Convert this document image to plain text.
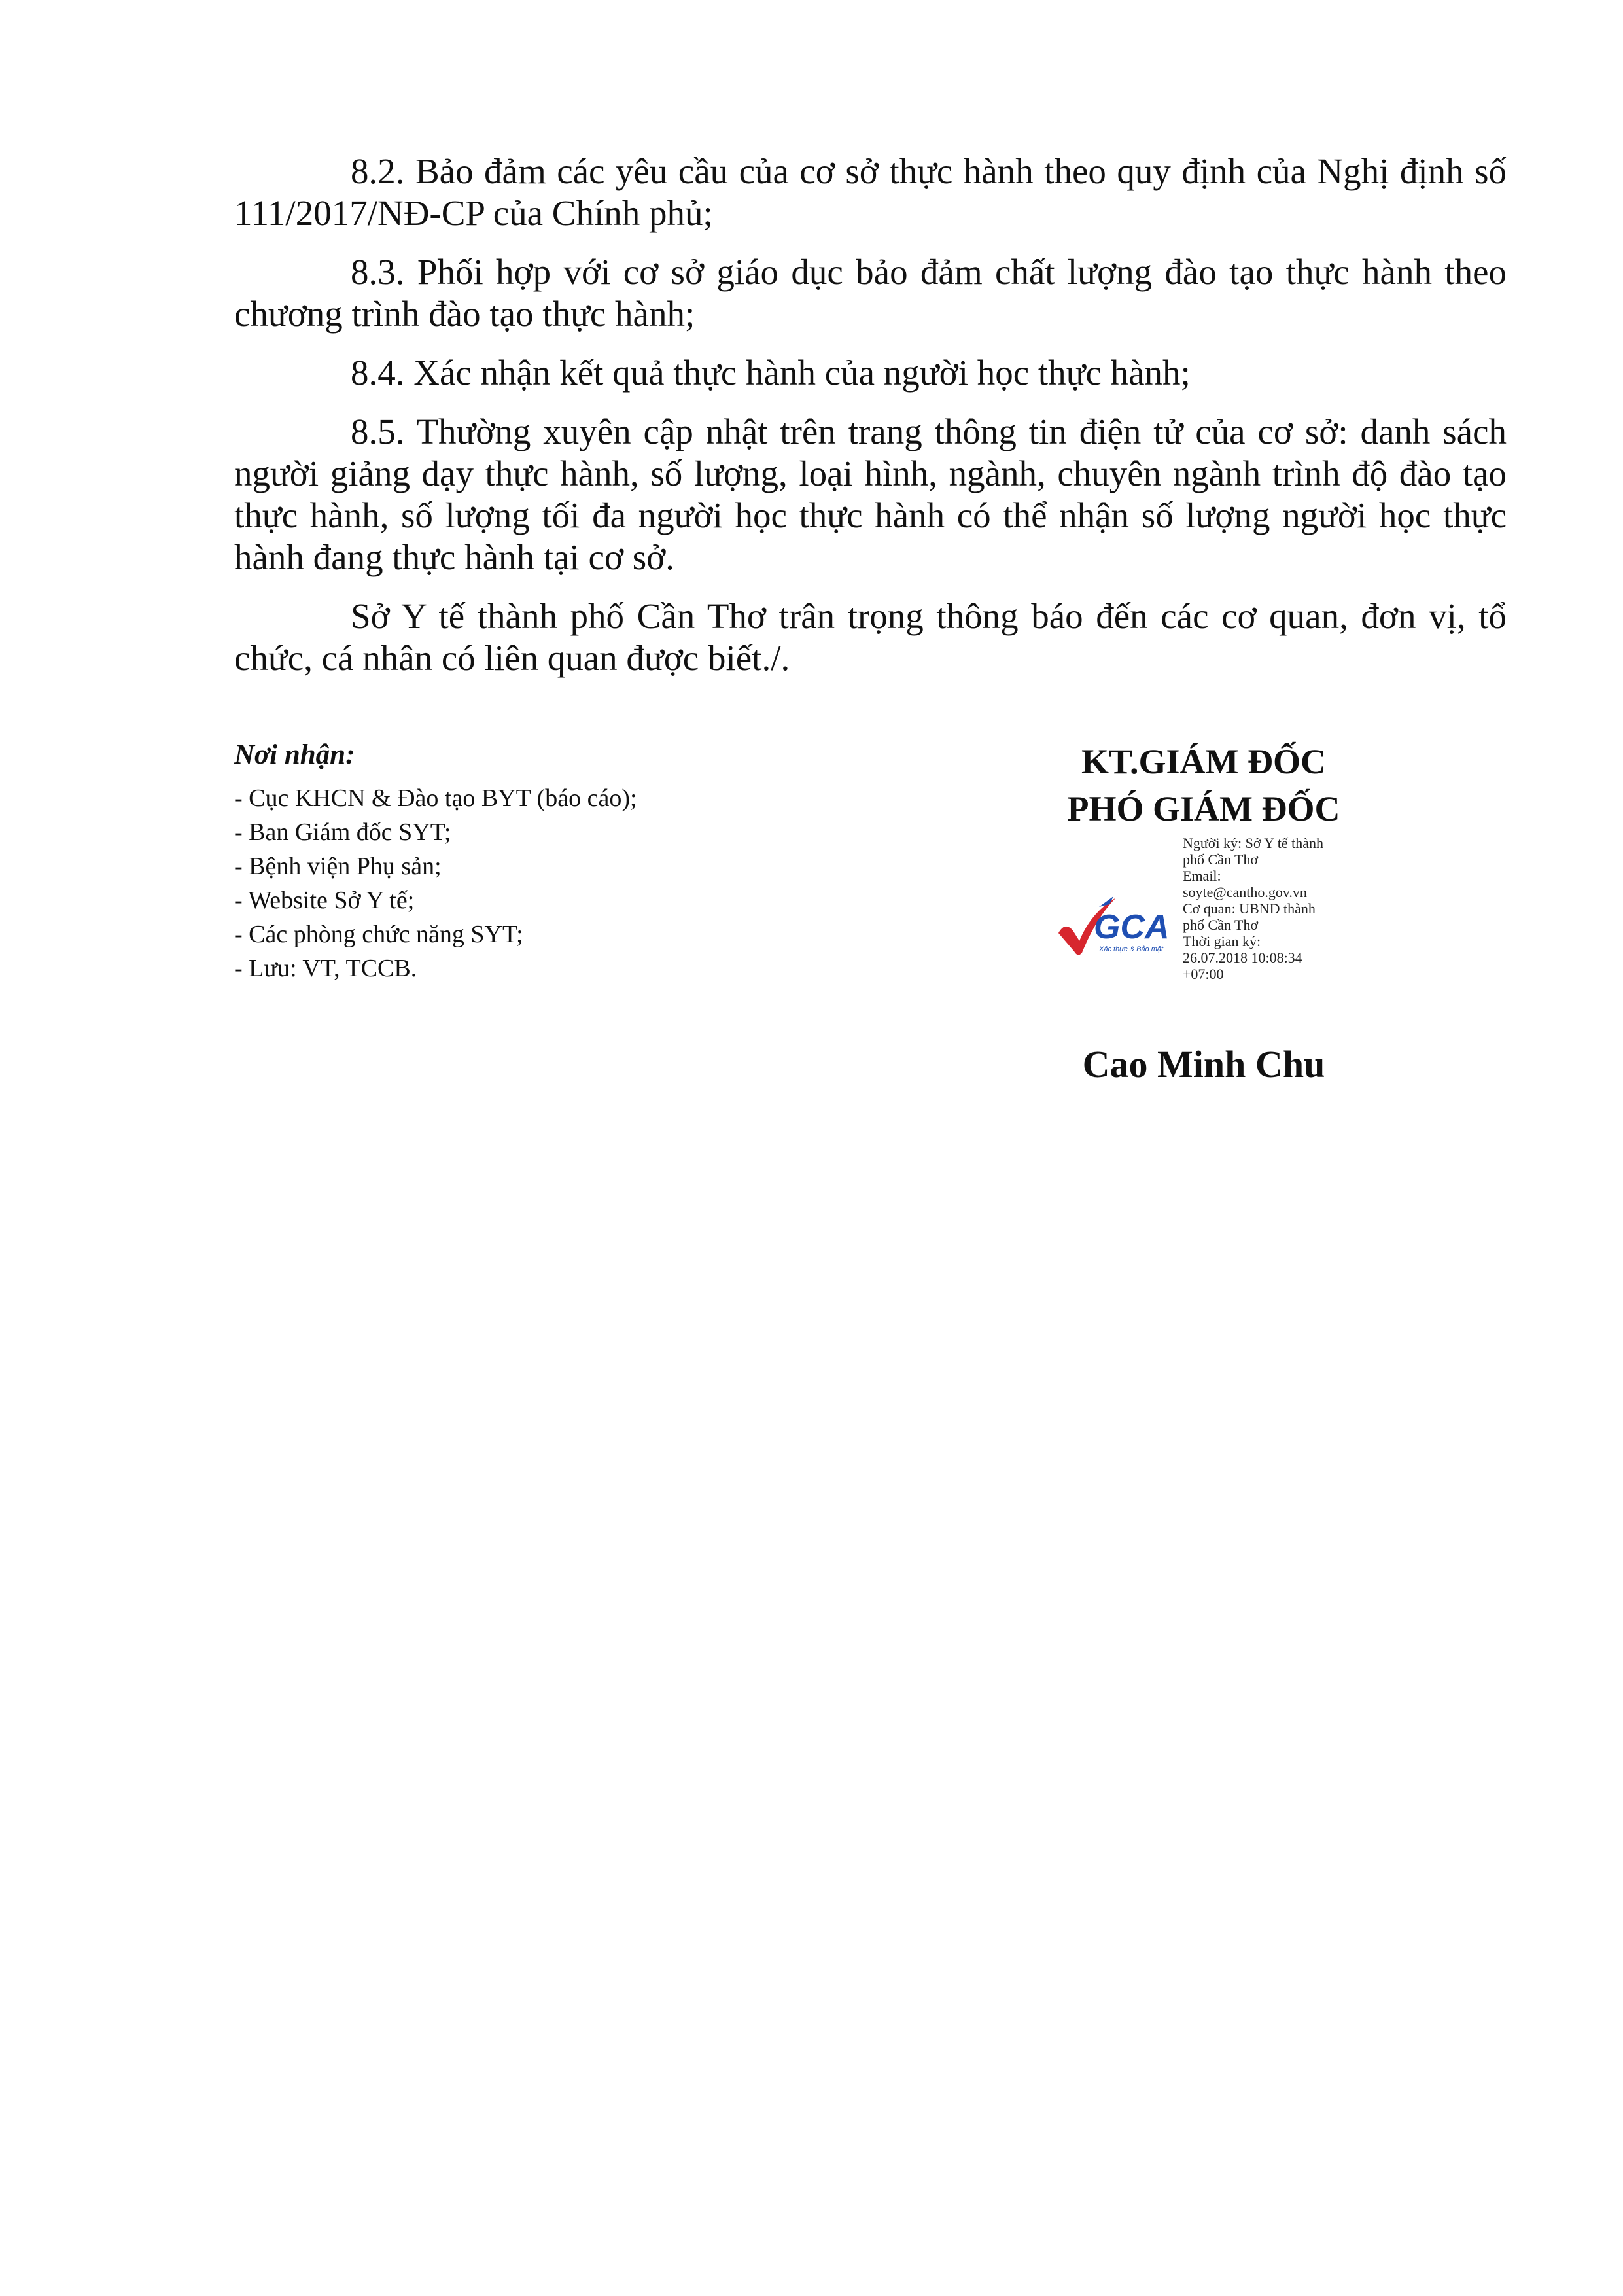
8.2. Bảo đảm các yêu cầu của cơ sở thực hành theo quy định của Nghị định số 111/2017/NĐ-CP của Chính phủ;

8.3. Phối hợp với cơ sở giáo dục bảo đảm chất lượng đào tạo thực hành theo chương trình đào tạo thực hành;

8.4. Xác nhận kết quả thực hành của người học thực hành;

8.5. Thường xuyên cập nhật trên trang thông tin điện tử của cơ sở: danh sách người giảng dạy thực hành, số lượng, loại hình, ngành, chuyên ngành trình độ đào tạo thực hành, số lượng tối đa người học thực hành có thể nhận số lượng người học thực hành đang thực hành tại cơ sở.

Sở Y tế thành phố Cần Thơ trân trọng thông báo đến các cơ quan, đơn vị, tổ chức, cá nhân có liên quan được biết./.

Nơi nhận:
- Cục KHCN & Đào tạo BYT (báo cáo);
- Ban Giám đốc SYT;
- Bệnh viện Phụ sản;
- Website Sở Y tế;
- Các phòng chức năng SYT;
- Lưu: VT, TCCB.
KT.GIÁM ĐỐC
PHÓ GIÁM ĐỐC
GCA
Xác thực & Bảo mật
Người ký: Sở Y tế thành phố Cần Thơ
Email:
soyte@cantho.gov.vn
Cơ quan: UBND thành phố Cần Thơ
Thời gian ký:
26.07.2018 10:08:34 +07:00
Cao Minh Chu
